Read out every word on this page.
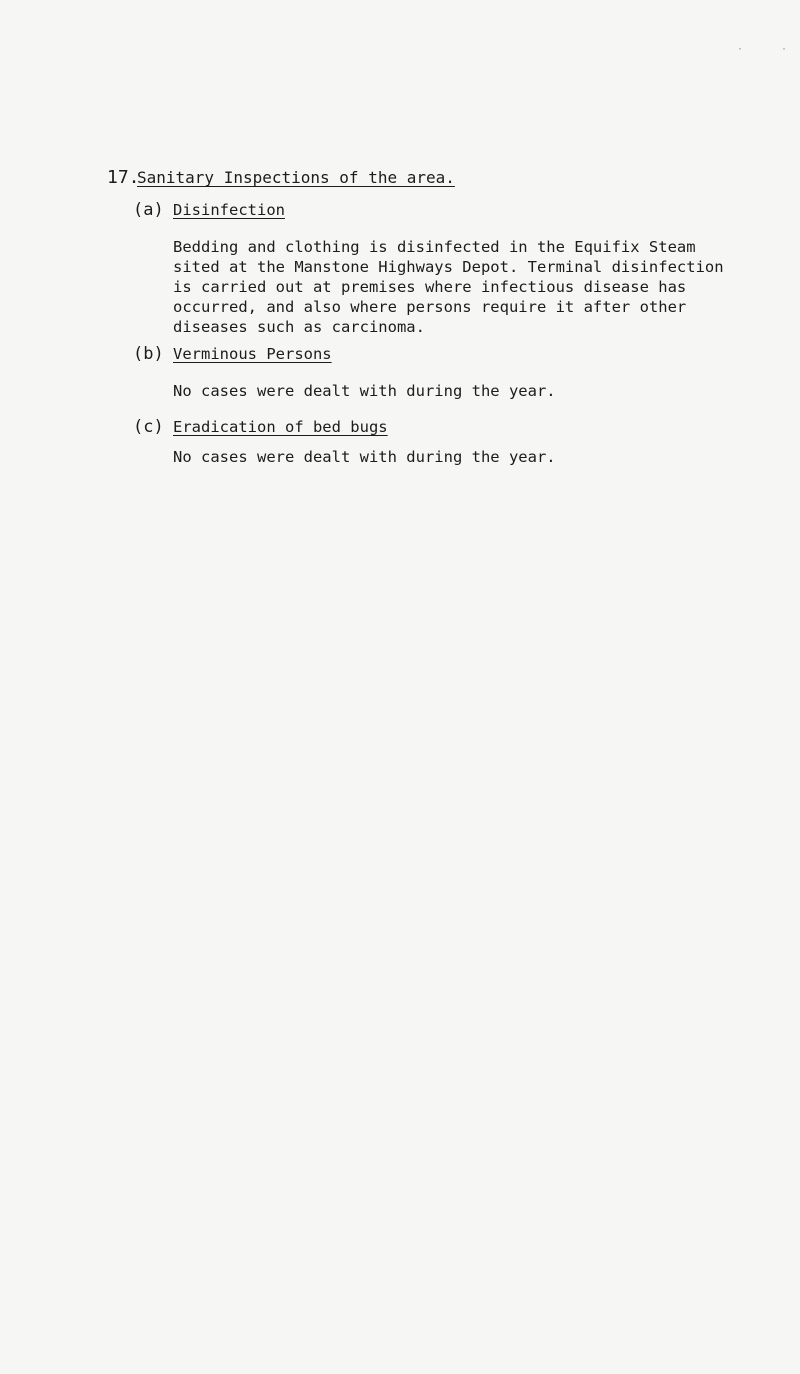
·	·
17.Sanitary Inspections of the area.
(a) Disinfection
Bedding and clothing is disinfected in the Equifix Steam
sited at the Manstone Highways Depot. Terminal disinfection
is carried out at premises where infectious disease has
occurred, and also where persons require it after other
diseases such as carcinoma.
(b) Verminous Persons
No cases were dealt with during the year.
(c) Eradication of bed bugs
No cases were dealt with during the year.
